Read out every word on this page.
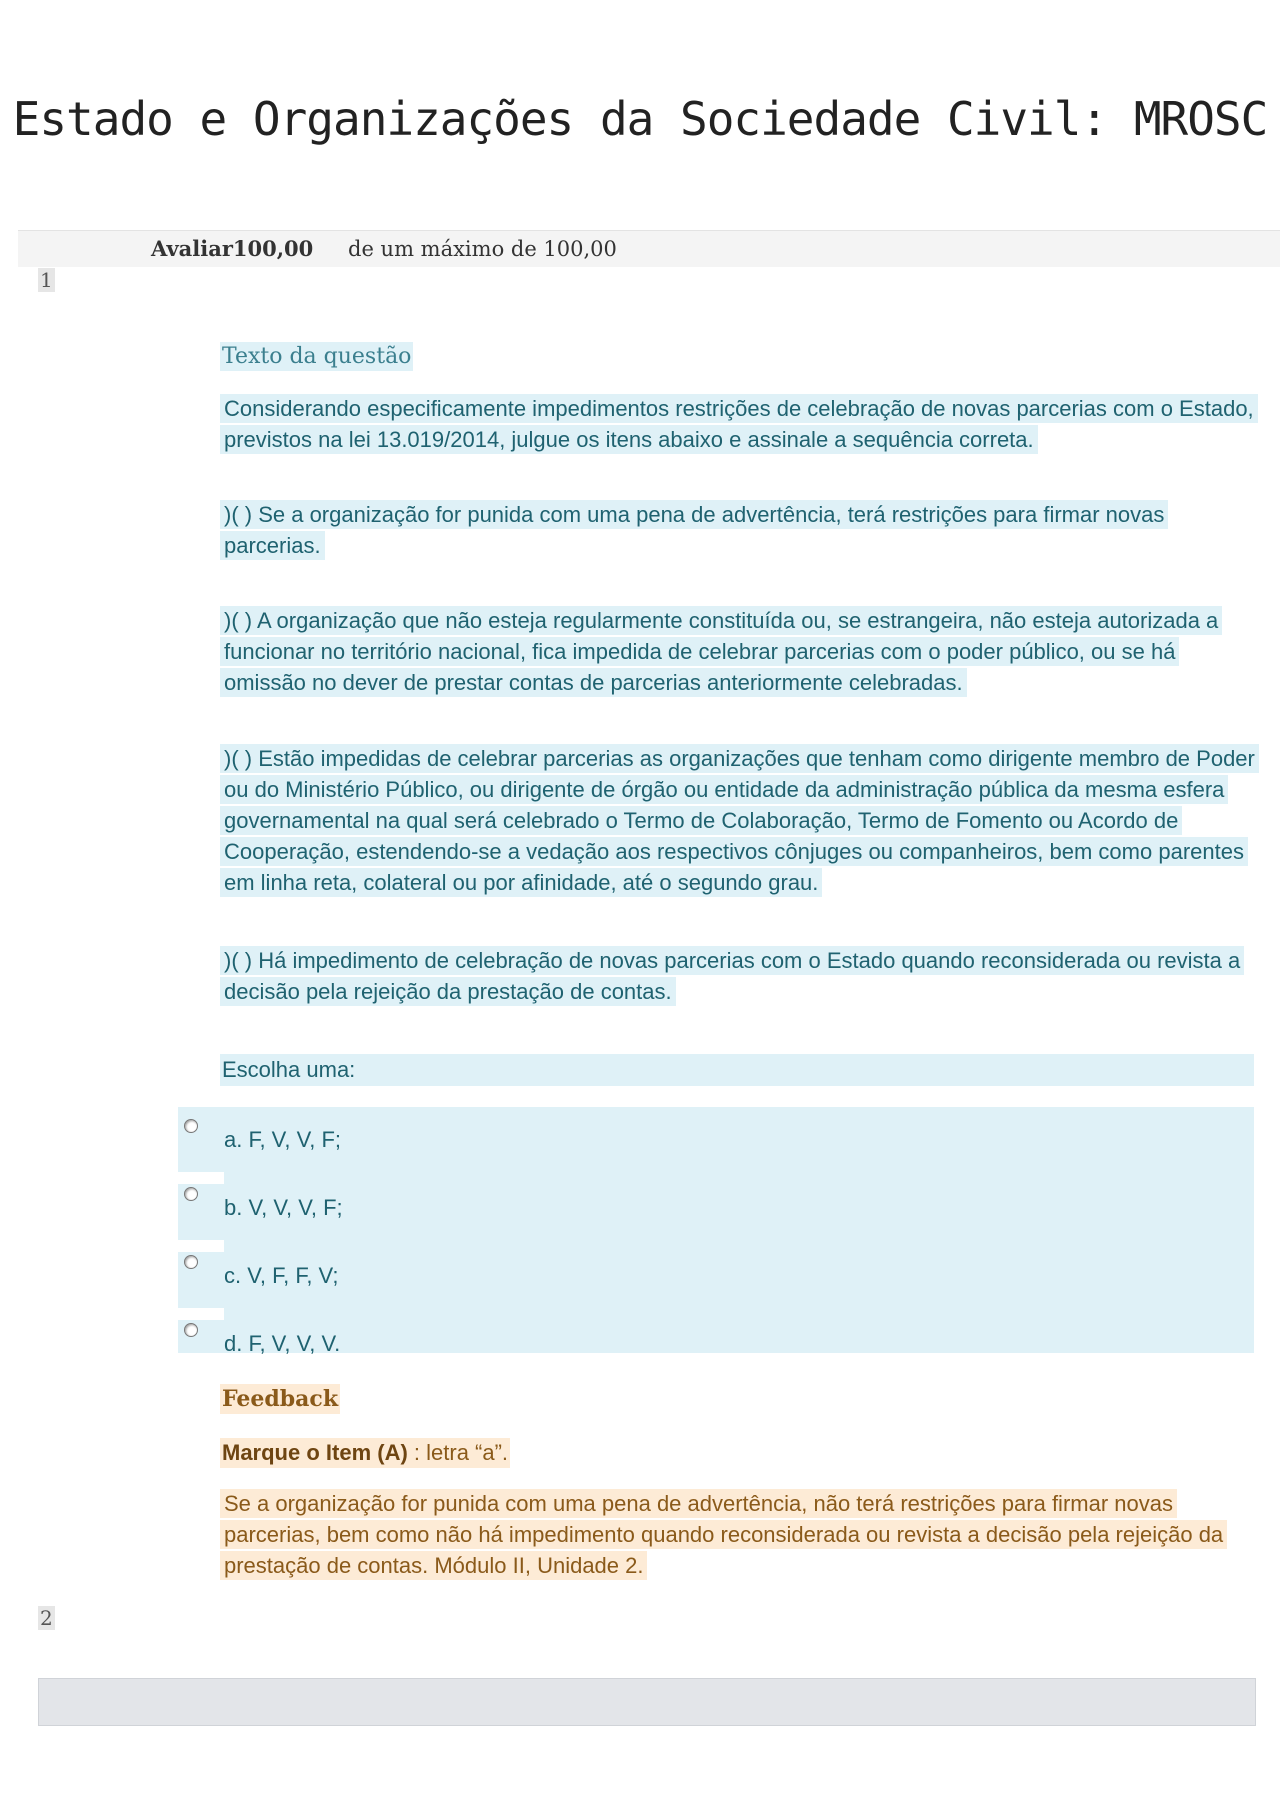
Estado e Organizações da Sociedade Civil: MROSC
Avaliar100,00 de um máximo de 100,00
1
Texto da questão
Considerando especificamente impedimentos restrições de celebração de novas parcerias com o Estado, previstos na lei 13.019/2014, julgue os itens abaixo e assinale a sequência correta.
)( ) Se a organização for punida com uma pena de advertência, terá restrições para firmar novas parcerias.
)( ) A organização que não esteja regularmente constituída ou, se estrangeira, não esteja autorizada a funcionar no território nacional, fica impedida de celebrar parcerias com o poder público, ou se há omissão no dever de prestar contas de parcerias anteriormente celebradas.
)( ) Estão impedidas de celebrar parcerias as organizações que tenham como dirigente membro de Poder ou do Ministério Público, ou dirigente de órgão ou entidade da administração pública da mesma esfera governamental na qual será celebrado o Termo de Colaboração, Termo de Fomento ou Acordo de Cooperação, estendendo-se a vedação aos respectivos cônjuges ou companheiros, bem como parentes em linha reta, colateral ou por afinidade, até o segundo grau.
)( ) Há impedimento de celebração de novas parcerias com o Estado quando reconsiderada ou revista a decisão pela rejeição da prestação de contas.
Escolha uma:
a. F, V, V, F;
b. V, V, V, F;
c. V, F, F, V;
d. F, V, V, V.
Feedback
Marque o Item (A) : letra “a”.
Se a organização for punida com uma pena de advertência, não terá restrições para firmar novas parcerias, bem como não há impedimento quando reconsiderada ou revista a decisão pela rejeição da prestação de contas. Módulo II, Unidade 2.
2
